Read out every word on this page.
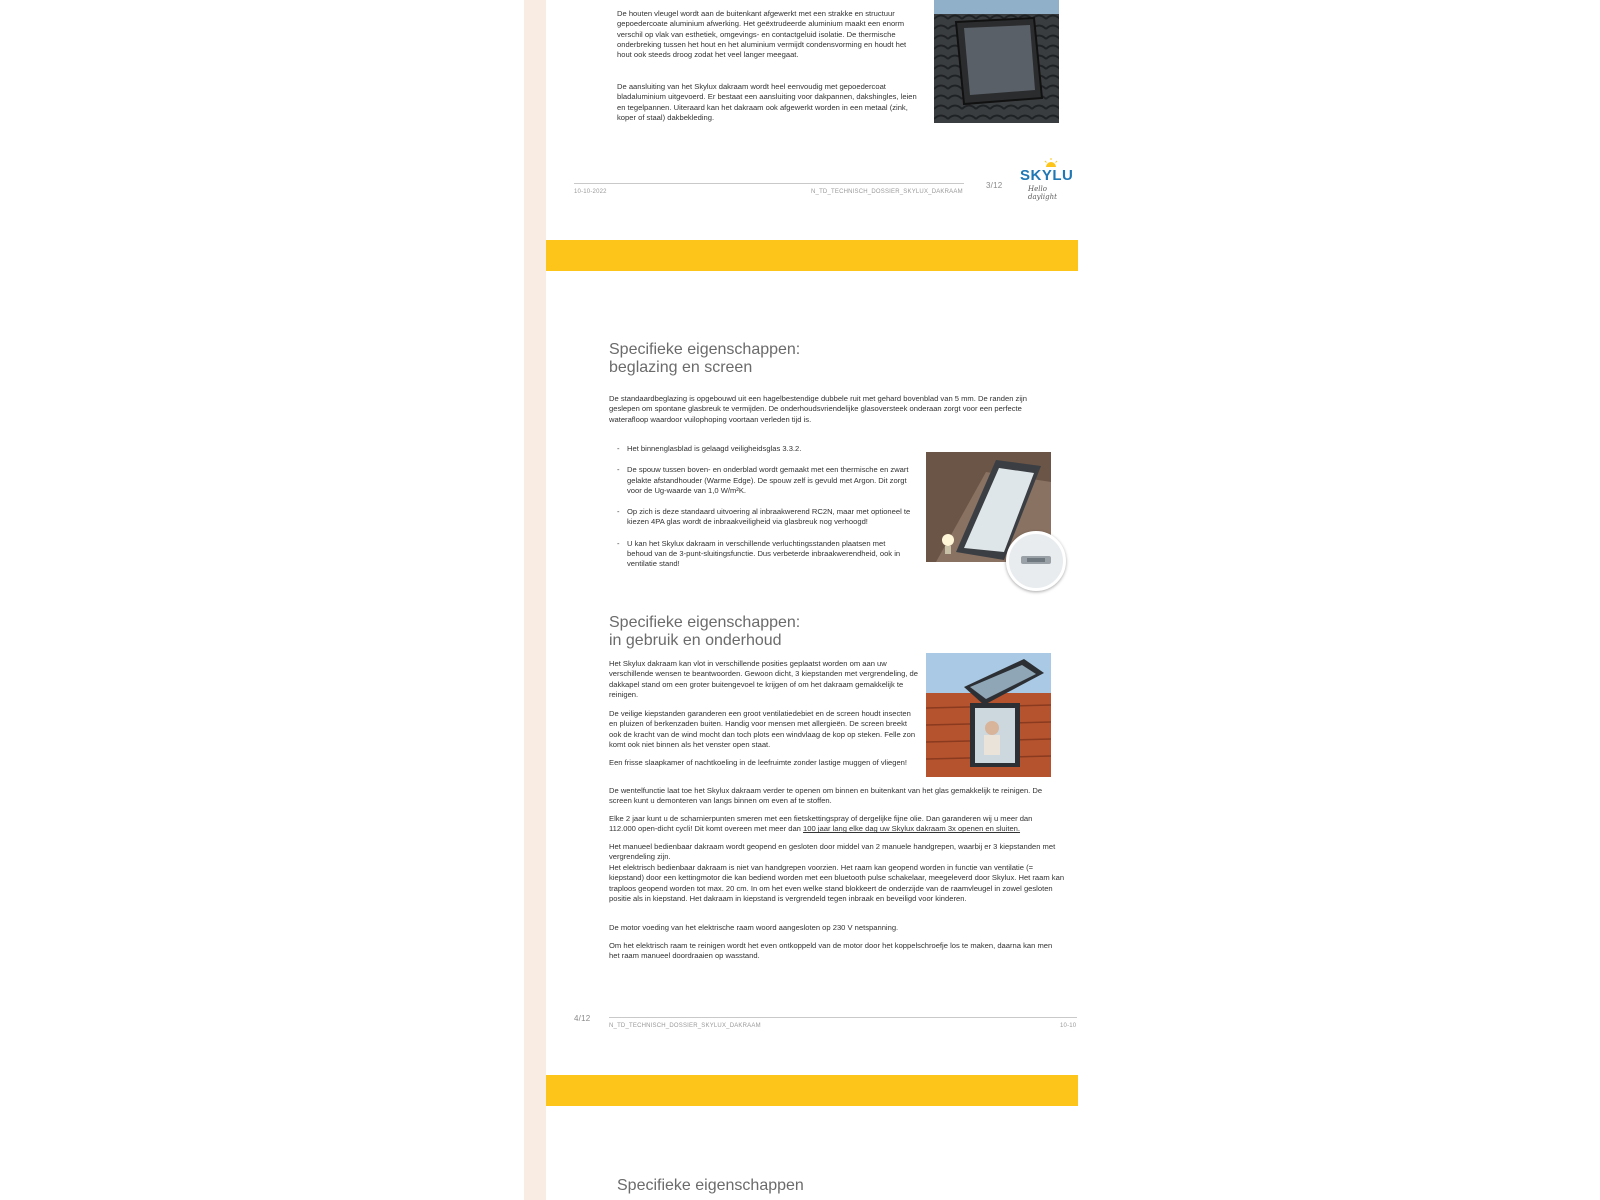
De houten vleugel wordt aan de buitenkant afgewerkt met een strakke en structuur gepoedercoate aluminium afwerking. Het geëxtrudeerde aluminium maakt een enorm verschil op vlak van esthetiek, omgevings- en contactgeluid isolatie. De thermische onderbreking tussen het hout en het aluminium vermijdt condensvorming en houdt het hout ook steeds droog zodat het veel langer meegaat.

De aansluiting van het Skylux dakraam wordt heel eenvoudig met gepoedercoat bladaluminium uitgevoerd. Er bestaat een aansluiting voor dakpannen, dakshingles, leien en tegelpannen. Uiteraard kan het dakraam ook afgewerkt worden in een metaal (zink, koper of staal) dakbekleding.

10-10-2022	N_TD_TECHNISCH_DOSSIER_SKYLUX_DAKRAAM
3/12
SKYLU
Hello daylight
Specifieke eigenschappen:
beglazing en screen

De standaardbeglazing is opgebouwd uit een hagelbestendige dubbele ruit met gehard bovenblad van 5 mm. De randen zijn geslepen om spontane glasbreuk te vermijden. De onderhoudsvriendelijke glasoversteek onderaan zorgt voor een perfecte waterafloop waardoor vuilophoping voortaan verleden tijd is.

- Het binnenglasblad is gelaagd veiligheidsglas 3.3.2.
- De spouw tussen boven- en onderblad wordt gemaakt met een thermische en zwart gelakte afstandhouder (Warme Edge). De spouw zelf is gevuld met Argon. Dit zorgt voor de Ug-waarde van 1,0 W/m²K.
- Op zich is deze standaard uitvoering al inbraakwerend RC2N, maar met optioneel te kiezen 4PA glas wordt de inbraakveiligheid via glasbreuk nog verhoogd!
- U kan het Skylux dakraam in verschillende verluchtingsstanden plaatsen met behoud van de 3-punt-sluitingsfunctie. Dus verbeterde inbraakwerendheid, ook in ventilatie stand!
Specifieke eigenschappen:
in gebruik en onderhoud

Het Skylux dakraam kan vlot in verschillende posities geplaatst worden om aan uw verschillende wensen te beantwoorden. Gewoon dicht, 3 kiepstanden met vergrendeling, de dakkapel stand om een groter buitengevoel te krijgen of om het dakraam gemakkelijk te reinigen.

De veilige kiepstanden garanderen een groot ventilatiedebiet en de screen houdt insecten en pluizen of berkenzaden buiten. Handig voor mensen met allergieën. De screen breekt ook de kracht van de wind mocht dan toch plots een windvlaag de kop op steken. Felle zon komt ook niet binnen als het venster open staat.

Een frisse slaapkamer of nachtkoeling in de leefruimte zonder lastige muggen of vliegen!

De wentelfunctie laat toe het Skylux dakraam verder te openen om binnen en buitenkant van het glas gemakkelijk te reinigen. De screen kunt u demonteren van langs binnen om even af te stoffen.

Elke 2 jaar kunt u de scharnierpunten smeren met een fietskettingspray of dergelijke fijne olie. Dan garanderen wij u meer dan 112.000 open-dicht cycli! Dit komt overeen met meer dan 100 jaar lang elke dag uw Skylux dakraam 3x openen en sluiten.

Het manueel bedienbaar dakraam wordt geopend en gesloten door middel van 2 manuele handgrepen, waarbij er 3 kiepstanden met vergrendeling zijn.

Het elektrisch bedienbaar dakraam is niet van handgrepen voorzien. Het raam kan geopend worden in functie van ventilatie (= kiepstand) door een kettingmotor die kan bediend worden met een bluetooth pulse schakelaar, meegeleverd door Skylux. Het raam kan traploos geopend worden tot max. 20 cm. In om het even welke stand blokkeert de onderzijde van de raamvleugel in zowel gesloten positie als in kiepstand. Het dakraam in kiepstand is vergrendeld tegen inbraak en beveiligd voor kinderen.

De motor voeding van het elektrische raam woord aangesloten op 230 V netspanning.

Om het elektrisch raam te reinigen wordt het even ontkoppeld van de motor door het koppelschroefje los te maken, daarna kan men het raam manueel doordraaien op wasstand.

4/12
N_TD_TECHNISCH_DOSSIER_SKYLUX_DAKRAAM	10-10
Specifieke eigenschappen
